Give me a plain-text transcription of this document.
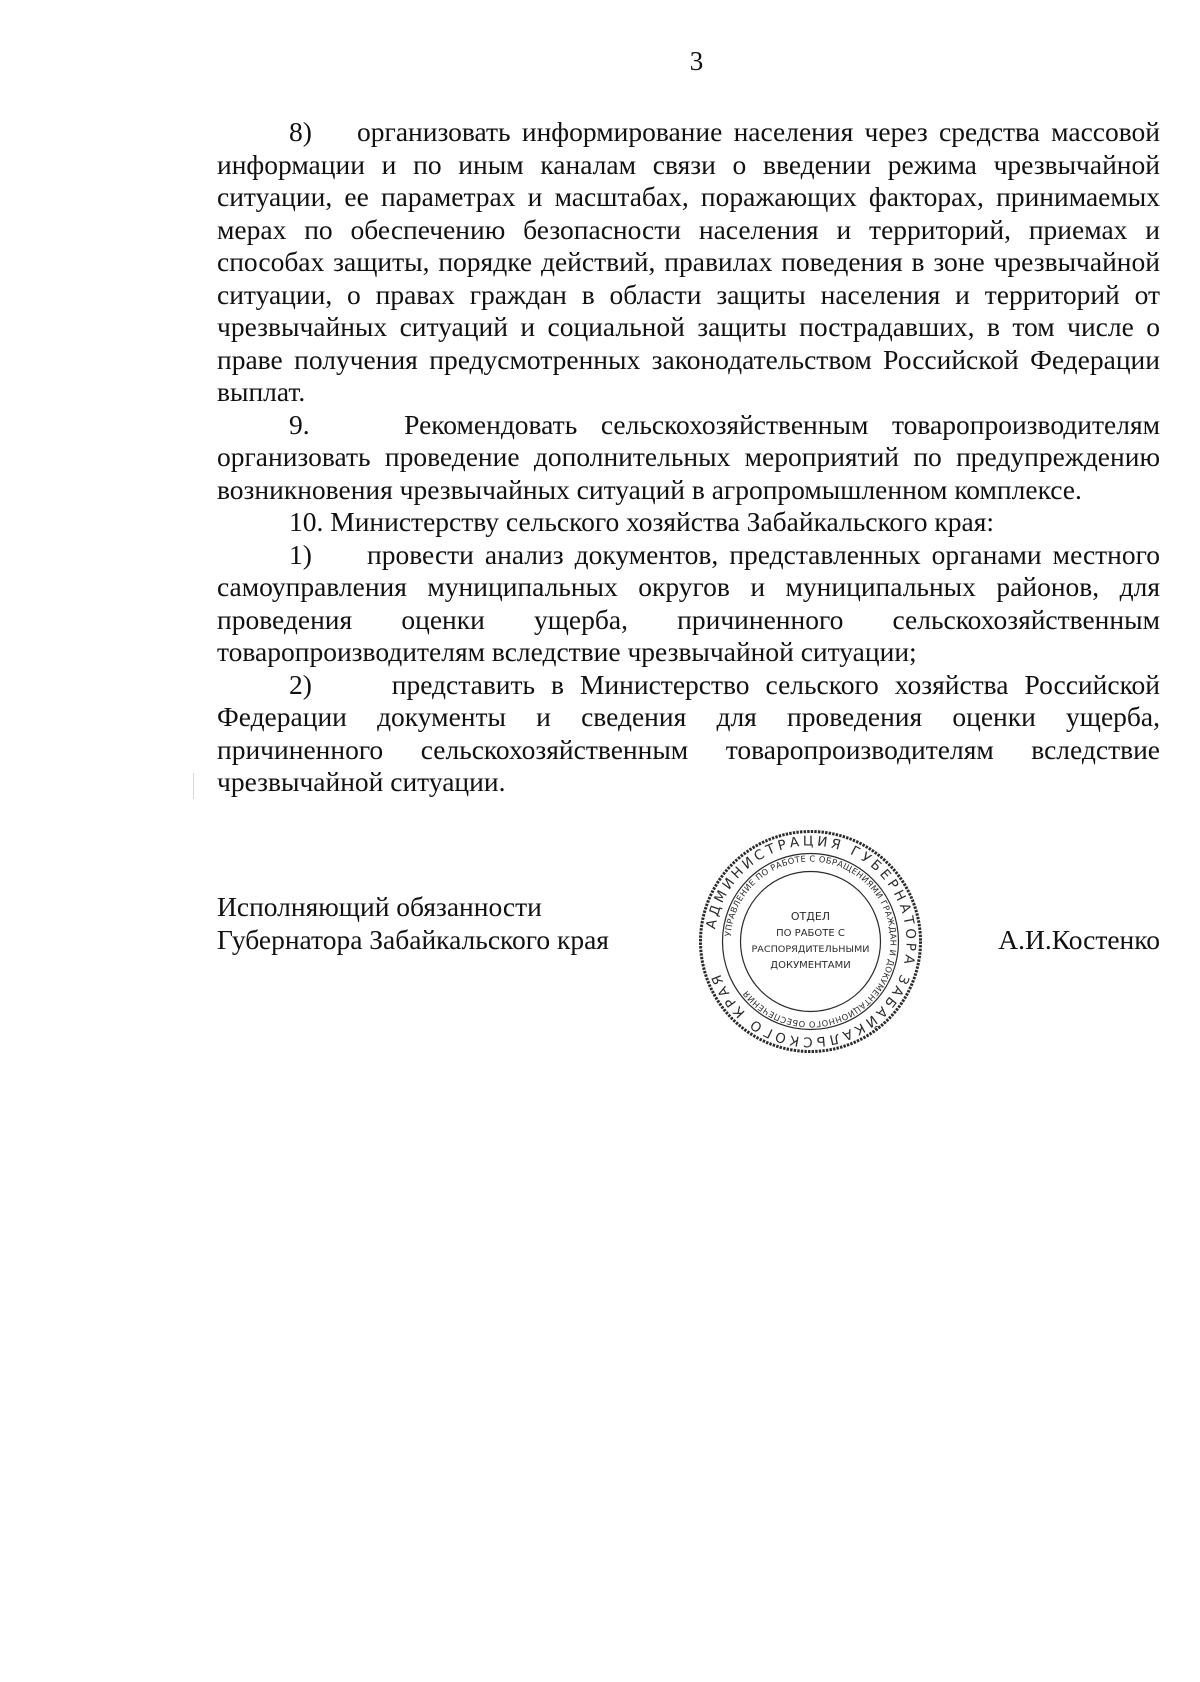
3

8)    организовать информирование населения через средства массовой информации и по иным каналам связи о введении режима чрезвычайной ситуации, ее параметрах и масштабах, поражающих факторах, принимаемых мерах по обеспечению безопасности населения и территорий, приемах и способах защиты, порядке действий, правилах поведения в зоне чрезвычайной ситуации, о правах граждан в области защиты населения и территорий от чрезвычайных ситуаций и социальной защиты пострадавших, в том числе о праве получения предусмотренных законодательством Российской Федерации выплат.

9.    Рекомендовать сельскохозяйственным товаропроизводителям организовать проведение дополнительных мероприятий по предупреждению возникновения чрезвычайных ситуаций в агропромышленном комплексе.

10. Министерству сельского хозяйства Забайкальского края:

1)     провести анализ документов, представленных органами местного самоуправления муниципальных округов и муниципальных районов, для проведения оценки ущерба, причиненного сельскохозяйственным товаропроизводителям вследствие чрезвычайной ситуации;

2)     представить в Министерство сельского хозяйства Российской Федерации документы и сведения для проведения оценки ущерба, причиненного сельскохозяйственным товаропроизводителям вследствие чрезвычайной ситуации.

Исполняющий обязанности
Губернатора Забайкальского края	А.И.Костенко
АДМИНИСТРАЦИЯ ГУБЕРНАТОРА ЗАБАЙКАЛЬСКОГО КРАЯ
УПРАВЛЕНИЕ ПО РАБОТЕ С ОБРАЩЕНИЯМИ ГРАЖДАН И ДОКУМЕНТАЦИОННОГО ОБЕСПЕЧЕНИЯ
ОТДЕЛ
ПО РАБОТЕ С
РАСПОРЯДИТЕЛЬНЫМИ
ДОКУМЕНТАМИ
